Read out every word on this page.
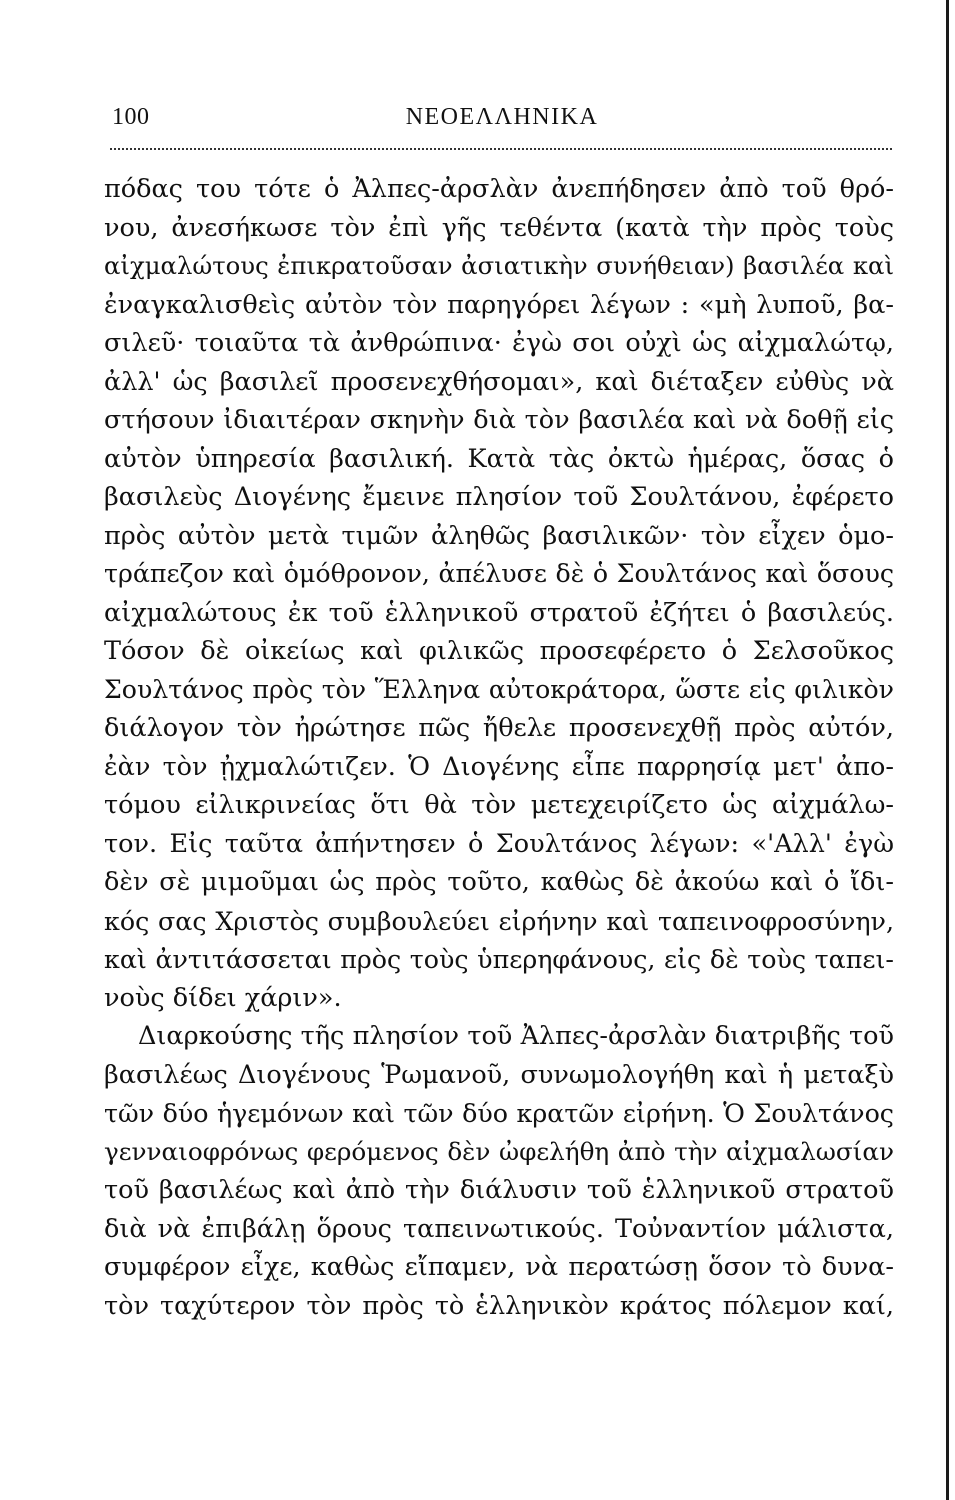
100	ΝΕΟΕΛΛΗΝΙΚΑ
πόδας του τότε ὁ Ἀλπες-ἀρσλὰν ἀνεπήδησεν ἀπὸ τοῦ θρό-
νου, ἀνεσήκωσε τὸν ἐπὶ γῆς τεθέντα (κατὰ τὴν πρὸς τοὺς
αἰχμαλώτους ἐπικρατοῦσαν ἀσιατικὴν συνήθειαν) βασιλέα καὶ
ἐναγκαλισθεὶς αὐτὸν τὸν παρηγόρει λέγων : «μὴ λυποῦ, βα-
σιλεῦ· τοιαῦτα τὰ ἀνθρώπινα· ἐγὼ σοι οὐχὶ ὡς αἰχμαλώτῳ,
ἀλλ' ὡς βασιλεῖ προσενεχθήσομαι», καὶ διέταξεν εὐθὺς νὰ
στήσουν ἰδιαιτέραν σκηνὴν διὰ τὸν βασιλέα καὶ νὰ δοθῇ εἰς
αὐτὸν ὑπηρεσία βασιλική. Κατὰ τὰς ὀκτὼ ἡμέρας, ὅσας ὁ
βασιλεὺς Διογένης ἔμεινε πλησίον τοῦ Σουλτάνου, ἐφέρετο
πρὸς αὐτὸν μετὰ τιμῶν ἀληθῶς βασιλικῶν· τὸν εἶχεν ὁμο-
τράπεζον καὶ ὁμόθρονον, ἀπέλυσε δὲ ὁ Σουλτάνος καὶ ὅσους
αἰχμαλώτους ἐκ τοῦ ἑλληνικοῦ στρατοῦ ἐζήτει ὁ βασιλεύς.
Τόσον δὲ οἰκείως καὶ φιλικῶς προσεφέρετο ὁ Σελσοῦκος
Σουλτάνος πρὸς τὸν Ἕλληνα αὐτοκράτορα, ὥστε εἰς φιλικὸν
διάλογον τὸν ἠρώτησε πῶς ἤθελε προσενεχθῇ πρὸς αὐτόν,
ἐὰν τὸν ᾐχμαλώτιζεν. Ὁ Διογένης εἶπε παρρησίᾳ μετ' ἀπο-
τόμου εἰλικρινείας ὅτι θὰ τὸν μετεχειρίζετο ὡς αἰχμάλω-
τον. Εἰς ταῦτα ἀπήντησεν ὁ Σουλτάνος λέγων: «'Αλλ' ἐγὼ
δὲν σὲ μιμοῦμαι ὡς πρὸς τοῦτο, καθὼς δὲ ἀκούω καὶ ὁ ἴδι-
κός σας Χριστὸς συμβουλεύει εἰρήνην καὶ ταπεινοφροσύνην,
καὶ ἀντιτάσσεται πρὸς τοὺς ὑπερηφάνους, εἰς δὲ τοὺς ταπει-
νοὺς δίδει χάριν».
Διαρκούσης τῆς πλησίον τοῦ Ἀλπες-ἀρσλὰν διατριβῆς τοῦ
βασιλέως Διογένους Ῥωμανοῦ, συνωμολογήθη καὶ ἡ μεταξὺ
τῶν δύο ἡγεμόνων καὶ τῶν δύο κρατῶν εἰρήνη. Ὁ Σουλτάνος
γενναιοφρόνως φερόμενος δὲν ὠφελήθη ἀπὸ τὴν αἰχμαλωσίαν
τοῦ βασιλέως καὶ ἀπὸ τὴν διάλυσιν τοῦ ἑλληνικοῦ στρατοῦ
διὰ νὰ ἐπιβάλῃ ὅρους ταπεινωτικούς. Τοὐναντίον μάλιστα,
συμφέρον εἶχε, καθὼς εἴπαμεν, νὰ περατώσῃ ὅσον τὸ δυνα-
τὸν ταχύτερον τὸν πρὸς τὸ ἑλληνικὸν κράτος πόλεμον καί,
